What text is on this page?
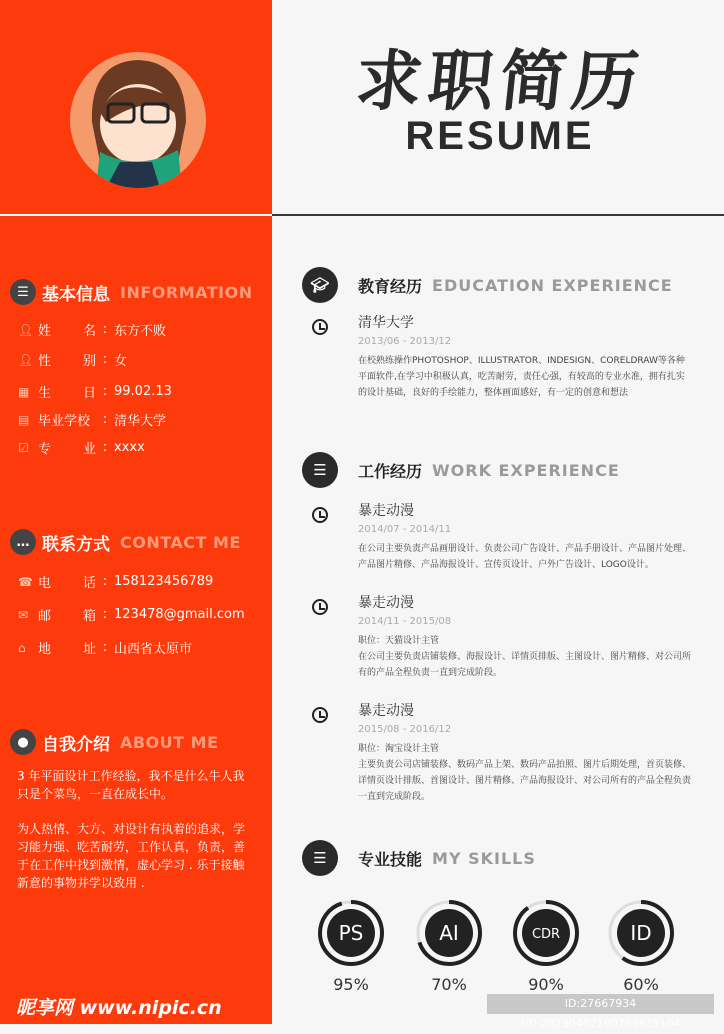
求职简历
RESUME
☰ 基本信息 INFORMATION
… 联系方式 CONTACT ME
● 自我介绍 ABOUT ME
3 年平面设计工作经验，我不是什么牛人我只是个菜鸟，一直在成长中。
为人热情、大方、对设计有执着的追求，学习能力强、吃苦耐劳，工作认真，负责，善于在工作中找到激情，虚心学习 . 乐于接触新意的事物并学以致用 .
昵享网 www.nipic.cn	ID:27667934 NO:20230402100753915104
🎓︎	教育经历 EDUCATION EXPERIENCE
☰	工作经历 WORK EXPERIENCE
☰	专业技能 MY SKILLS
👤︎ 姓 名 : 东方不败
👤︎ 性 别 : 女
▦ 生 日 : 99.02.13
▤ 毕业学校 : 清华大学
☑ 专 业 : xxxx
☎ 电 话 : 158123456789
✉ 邮 箱 : 123478@gmail.com
⌂ 地 址 : 山西省太原市
清华大学
2013/06 - 2013/12
在校熟练操作PHOTOSHOP、ILLUSTRATOR、INDESIGN、CORELDRAW等各种平面软件,在学习中积极认真，吃苦耐劳，责任心强，有较高的专业水准，拥有扎实的设计基础，良好的手绘能力，整体画面感好，有一定的创意和想法
暴走动漫
2014/07 - 2014/11
在公司主要负责产品画册设计、负责公司广告设计、产品手册设计、产品图片处理、产品图片精修、产品海报设计、宣传页设计、户外广告设计、LOGO设计。
暴走动漫
2014/11 - 2015/08
职位：天猫设计主管
在公司主要负责店铺装修、海报设计、详情页排版、主图设计、图片精修、对公司所有的产品全程负责一直到完成阶段。
暴走动漫
2015/08 - 2016/12
职位：淘宝设计主管
主要负责公司店铺装修、数码产品上架、数码产品拍照、图片后期处理，首页装修、详情页设计排版、首图设计、图片精修、产品海报设计、对公司所有的产品全程负责一直到完成阶段。
PS
95%
AI
70%
CDR
90%
ID
60%
